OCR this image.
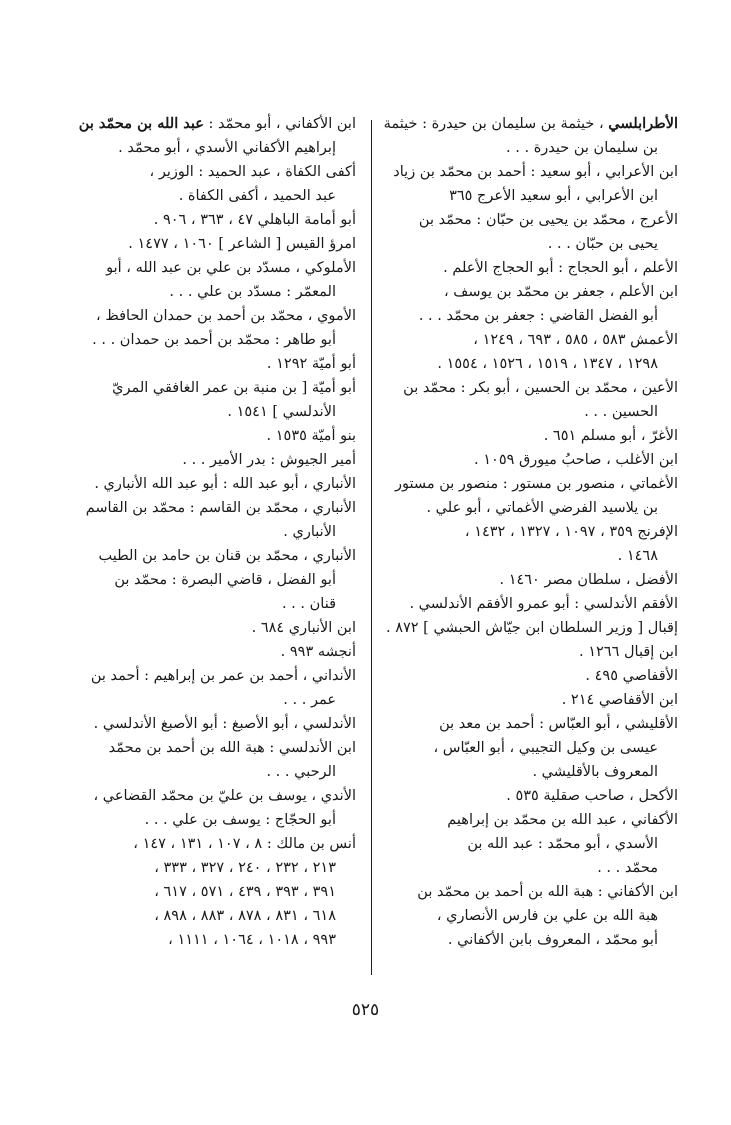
الأطرابلسي ، خيثمة بن سليمان بن حيدرة : خيثمة
بن سليمان بن حيدرة . . .
ابن الأعرابي ، أبو سعيد : أحمد بن محمّد بن زياد
ابن الأعرابي ، أبو سعيد الأعرج ٣٦٥
الأعرج ، محمّد بن يحيى بن حبّان : محمّد بن
يحيى بن حبّان . . .
الأعلم ، أبو الحجاج : أبو الحجاج الأعلم .
ابن الأعلم ، جعفر بن محمّد بن يوسف ،
أبو الفضل القاضي : جعفر بن محمّد . . .
الأعمش ٥٨٣ ، ٥٨٥ ، ٦٩٣ ، ١٢٤٩ ،
١٢٩٨ ، ١٣٤٧ ، ١٥١٩ ، ١٥٢٦ ، ١٥٥٤ .
الأعين ، محمّد بن الحسين ، أبو بكر : محمّد بن
الحسين . . .
الأغرّ ، أبو مسلم ٦٥١ .
ابن الأغلب ، صاحبُ ميورق ١٠٥٩ .
الأغماتي ، منصور بن مستور : منصور بن مستور
بن يلاسيد الفرضي الأغماتي ، أبو علي .
الإفرنج ٣٥٩ ، ١٠٩٧ ، ١٣٢٧ ، ١٤٣٢ ،
١٤٦٨ .
الأفضل ، سلطان مصر ١٤٦٠ .
الأفقم الأندلسي : أبو عمرو الأفقم الأندلسي .
إقبال [ وزير السلطان ابن جيّاش الحبشي ] ٨٧٢ .
ابن إقبال ١٢٦٦ .
الأقفاصي ٤٩٥ .
ابن الأقفاصي ٢١٤ .
الأقليشي ، أبو العبّاس : أحمد بن معد بن
عيسى بن وكيل التجيبي ، أبو العبّاس ،
المعروف بالأقليشي .
الأكحل ، صاحب صقلية ٥٣٥ .
الأكفاني ، عبد الله بن محمّد بن إبراهيم
الأسدي ، أبو محمّد : عبد الله بن
محمّد . . .
ابن الأكفاني : هبة الله بن أحمد بن محمّد بن
هبة الله بن علي بن فارس الأنصاري ،
أبو محمّد ، المعروف بابن الأكفاني .
ابن الأكفاني ، أبو محمّد : عبد الله بن محمّد بن
إبراهيم الأكفاني الأسدي ، أبو محمّد .
أكفى الكفاة ، عبد الحميد : الوزير ،
عبد الحميد ، أكفى الكفاة .
أبو أمامة الباهلي ٤٧ ، ٣٦٣ ، ٩٠٦ .
امرؤ القيس [ الشاعر ] ١٠٦٠ ، ١٤٧٧ .
الأملوكي ، مسدّد بن علي بن عبد الله ، أبو
المعمّر : مسدّد بن علي . . .
الأموي ، محمّد بن أحمد بن حمدان الحافظ ،
أبو طاهر : محمّد بن أحمد بن حمدان . . .
أبو أميّة ١٢٩٢ .
أبو أميّة [ بن منبة بن عمر الغافقي المريّ
الأندلسي ] ١٥٤١ .
بنو أميّة ١٥٣٥ .
أمير الجيوش : بدر الأمير . . .
الأنباري ، أبو عبد الله : أبو عبد الله الأنباري .
الأنباري ، محمّد بن القاسم : محمّد بن القاسم
الأنباري .
الأنباري ، محمّد بن قنان بن حامد بن الطيب
أبو الفضل ، قاضي البصرة : محمّد بن
قنان . . .
ابن الأنباري ٦٨٤ .
أنجشه ٩٩٣ .
الأنداني ، أحمد بن عمر بن إبراهيم : أحمد بن
عمر . . .
الأندلسي ، أبو الأصبغ : أبو الأصبغ الأندلسي .
ابن الأندلسي : هبة الله بن أحمد بن محمّد
الرحبي . . .
الأندي ، يوسف بن عليّ بن محمّد القضاعي ،
أبو الحجّاج : يوسف بن علي . . .
أنس بن مالك : ٨ ، ١٠٧ ، ١٣١ ، ١٤٧ ،
٢١٣ ، ٢٣٢ ، ٢٤٠ ، ٣٢٧ ، ٣٣٣ ،
٣٩١ ، ٣٩٣ ، ٤٣٩ ، ٥٧١ ، ٦١٧ ،
٦١٨ ، ٨٣١ ، ٨٧٨ ، ٨٨٣ ، ٨٩٨ ،
٩٩٣ ، ١٠١٨ ، ١٠٦٤ ، ١١١١ ،
٥٢٥
